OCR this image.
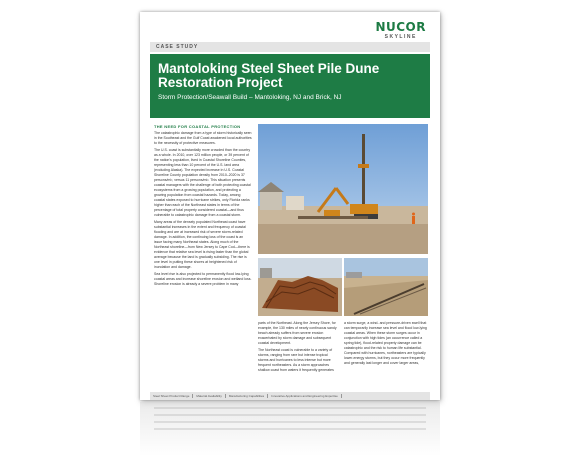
NUCOR
SKYLINE
CASE STUDY
Mantoloking Steel Sheet Pile Dune Restoration Project
Storm Protection/Seawall Build – Mantoloking, NJ and Brick, NJ
THE NEED FOR COASTAL PROTECTION

The catastrophic damage from a type of storm historically seen in the Southeast and the Gulf Coast awakened local authorities to the necessity of protective measures.

The U.S. coast is substantially more crowded than the country as a whole. In 2010, over 123 million people, or 39 percent of the nation's population, lived in Coastal Shoreline Counties, representing less than 10 percent of the U.S. land area (excluding Alaska). The expected increase in U.S. Coastal Shoreline County population density from 2010–2020 is 37 persons/mi², versus 11 persons/mi². This situation presents coastal managers with the challenge of both protecting coastal ecosystems from a growing population, and protecting a growing population from coastal hazards. Today, among coastal states exposed to hurricane strikes, only Florida ranks higher than each of the Northeast states in terms of the percentage of total property considered coastal—and thus vulnerable to catastrophic damage from a coastal storm.

Many areas of the densely populated Northeast coast have substantial increases in the extent and frequency of coastal flooding and are at increased risk of severe storm-related damage. In addition, the continuing loss of the coast is an issue facing many Northeast states. Along much of the Northeast shoreline—from New Jersey to Cape Cod—there is evidence that relative sea level is rising faster than the global average because the land is gradually subsiding. The rise is one level in putting these shores at heightened risk of inundation and damage.

Sea level rise is also projected to permanently flood low-lying coastal areas and increase shoreline erosion and wetland loss. Shoreline erosion is already a severe problem in many

parts of the Northeast. Along the Jersey Shore, for example, the 130 miles of nearly continuous sandy beach already suffers from severe erosion exacerbated by storm damage and subsequent coastal development.

The Northeast coast is vulnerable to a variety of storms, ranging from rare but intense tropical storms and hurricanes to less intense but more frequent northeasters. As a storm approaches shallow coast from waters it frequently generates

a storm surge, a wind- and pressure-driven swell that can temporarily increase sea level and flood low-lying coastal areas. When these storm surges occur in conjunction with high tides (an occurrence called a spring tide), flood-related property damage can be catastrophic and the risk to human life substantial. Compared with hurricanes, northeasters are typically lower-energy storms, but they occur more frequently and generally last longer and cover larger areas,

Steel Sheet Product Range	Material Availability	Manufacturing Capabilities	Innovative Applications and Engineering Expertise
